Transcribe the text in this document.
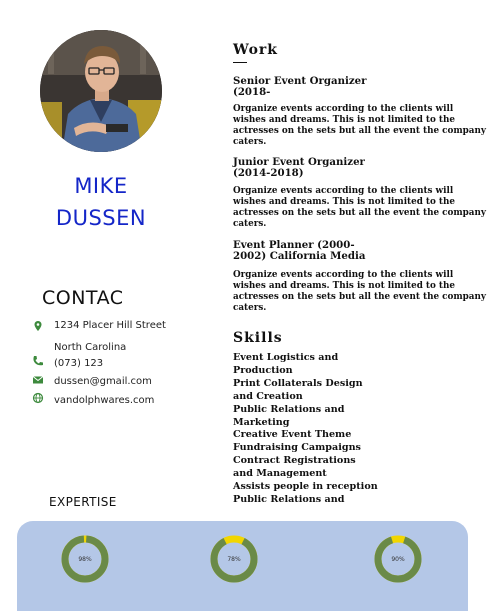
MIKE
DUSSEN
CONTAC
1234 Placer Hill Street
North Carolina
(073) 123
dussen@gmail.com
vandolphwares.com
EXPERTISE
98%	78%	90%
Work
Senior Event Organizer (2018-
Organize events according to the clients will wishes and dreams. This is not limited to the actresses on the sets but all the event the company caters.
Junior Event Organizer (2014-2018)
Organize events according to the clients will wishes and dreams. This is not limited to the actresses on the sets but all the event the company caters.
Event Planner (2000-2002) California Media
Organize events according to the clients will wishes and dreams. This is not limited to the actresses on the sets but all the event the company caters.
Skills
Event Logistics and
Production
Print Collaterals Design
and Creation
Public Relations and
Marketing
Creative Event Theme
Fundraising Campaigns
Contract Registrations
and Management
Assists people in reception
Public Relations and
